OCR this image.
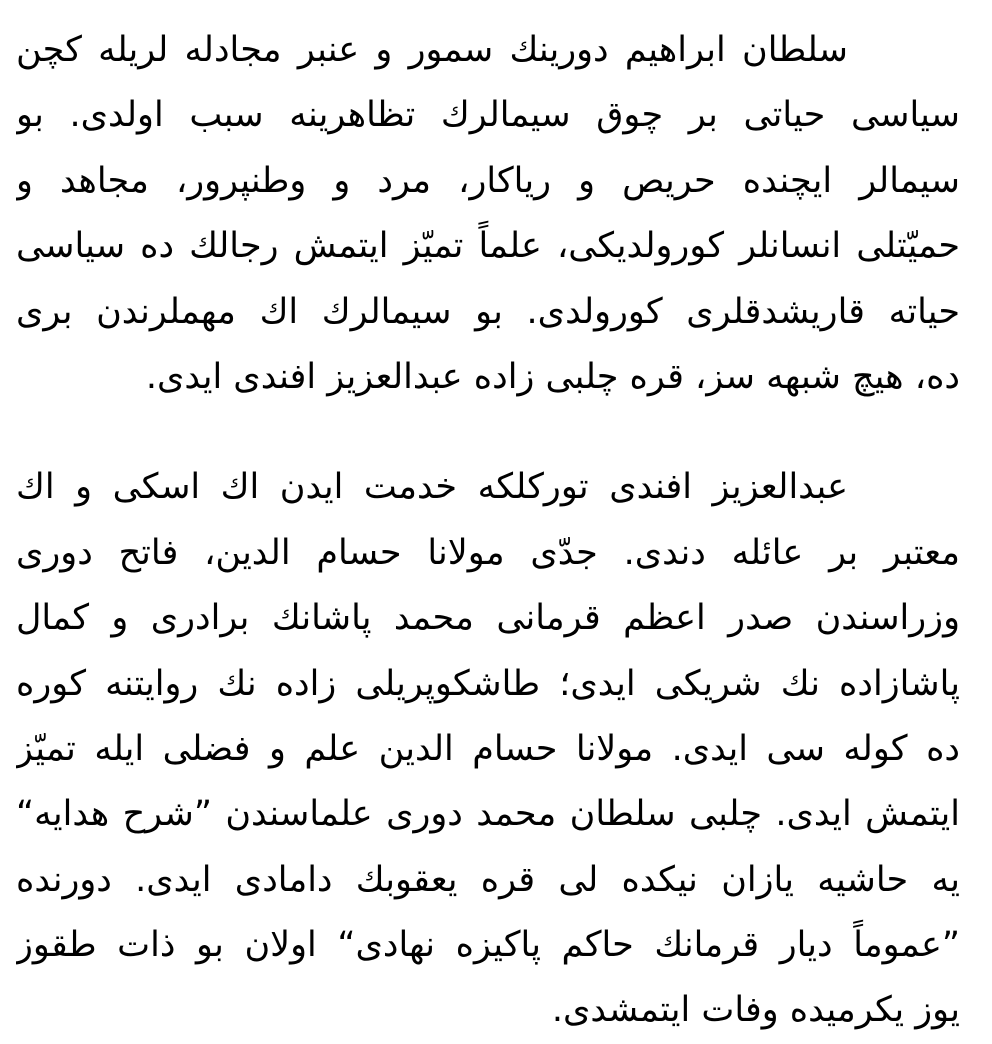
سلطان ابراهيم دورينك سمور و عنبر مجادله لريله كچن
سياسى حياتى بر چوق سيمالرك تظاهرينه سبب اولدى. بو
سيمالر ايچنده حريص و رياكار، مرد و وطنپرور، مجاهد و
حميّتلى انسانلر كورولديكى، علماً تميّز ايتمش رجالك ده سياسى
حياته قاريشدقلرى كورولدى. بو سيمالرك اك مهملرندن برى
ده، هيچ شبهه سز، قره چلبى زاده عبدالعزيز افندى ايدى.
عبدالعزيز افندى توركلكه خدمت ايدن اك اسكى و اك
معتبر بر عائله دندى. جدّى مولانا حسام الدين، فاتح دورى
وزراسندن صدر اعظم قرمانى محمد پاشانك برادرى و كمال
پاشازاده نك شريكى ايدى؛ طاشكوپريلى زاده نك روايتنه كوره
ده كوله سى ايدى. مولانا حسام الدين علم و فضلى ايله تميّز
ايتمش ايدى. چلبى سلطان محمد دورى علماسندن ”شرح هدايه“
يه حاشيه يازان نيكده لى قره يعقوبك دامادى ايدى. دورنده
”عموماً ديار قرمانك حاكم پاكيزه نهادى“ اولان بو ذات طقوز
يوز يكرميده وفات ايتمشدى.
